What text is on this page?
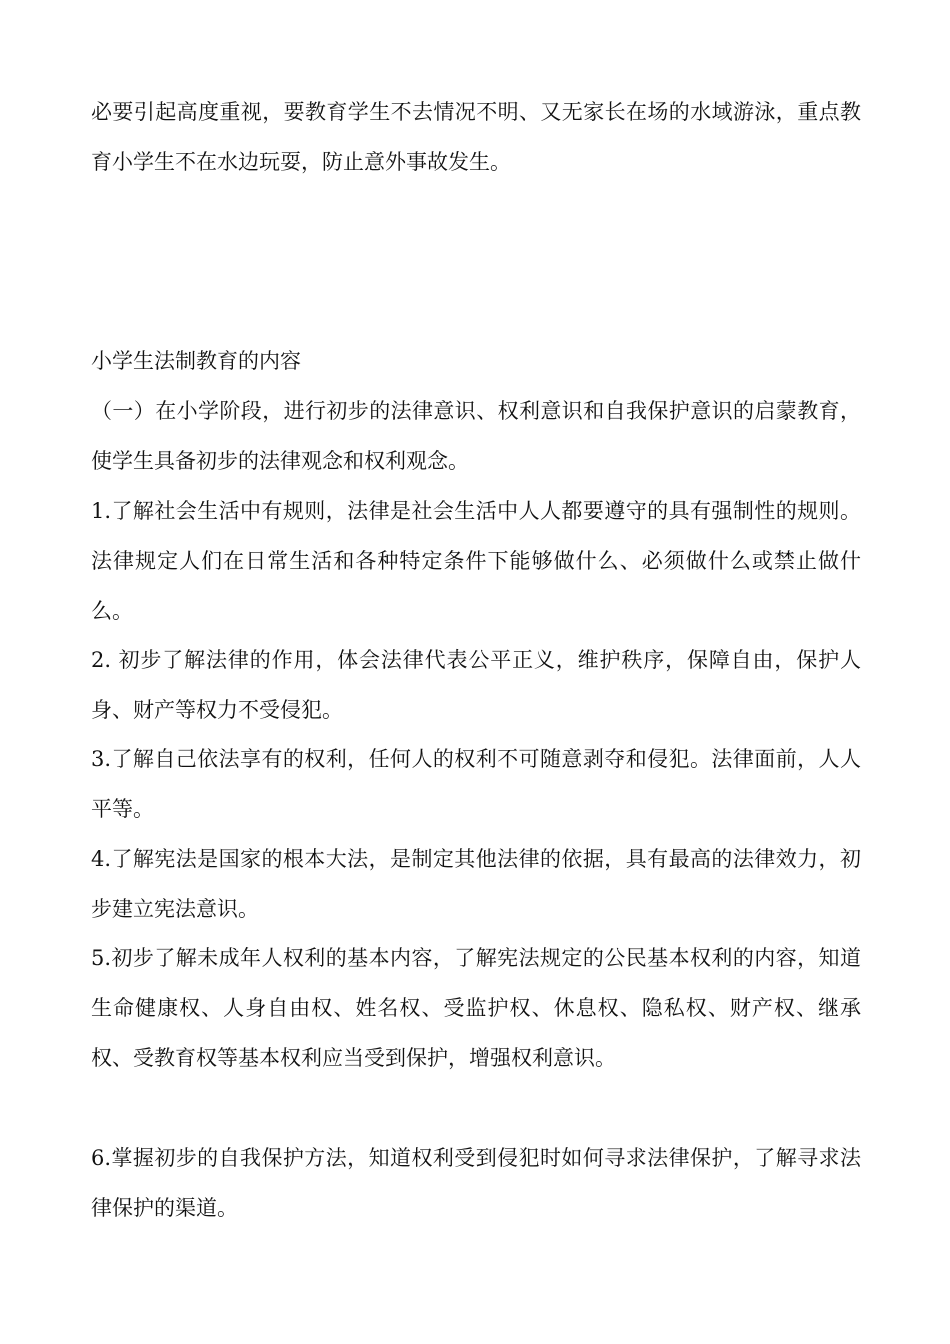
必要引起高度重视，要教育学生不去情况不明、又无家长在场的水域游泳，重点教育小学生不在水边玩耍，防止意外事故发生。

小学生法制教育的内容

（一）在小学阶段，进行初步的法律意识、权利意识和自我保护意识的启蒙教育，使学生具备初步的法律观念和权利观念。

1.了解社会生活中有规则，法律是社会生活中人人都要遵守的具有强制性的规则。法律规定人们在日常生活和各种特定条件下能够做什么、必须做什么或禁止做什么。

2. 初步了解法律的作用，体会法律代表公平正义，维护秩序，保障自由，保护人身、财产等权力不受侵犯。

3.了解自己依法享有的权利，任何人的权利不可随意剥夺和侵犯。法律面前，人人平等。

4.了解宪法是国家的根本大法，是制定其他法律的依据，具有最高的法律效力，初步建立宪法意识。

5.初步了解未成年人权利的基本内容，了解宪法规定的公民基本权利的内容，知道生命健康权、人身自由权、姓名权、受监护权、休息权、隐私权、财产权、继承权、受教育权等基本权利应当受到保护，增强权利意识。

6.掌握初步的自我保护方法，知道权利受到侵犯时如何寻求法律保护，了解寻求法律保护的渠道。
